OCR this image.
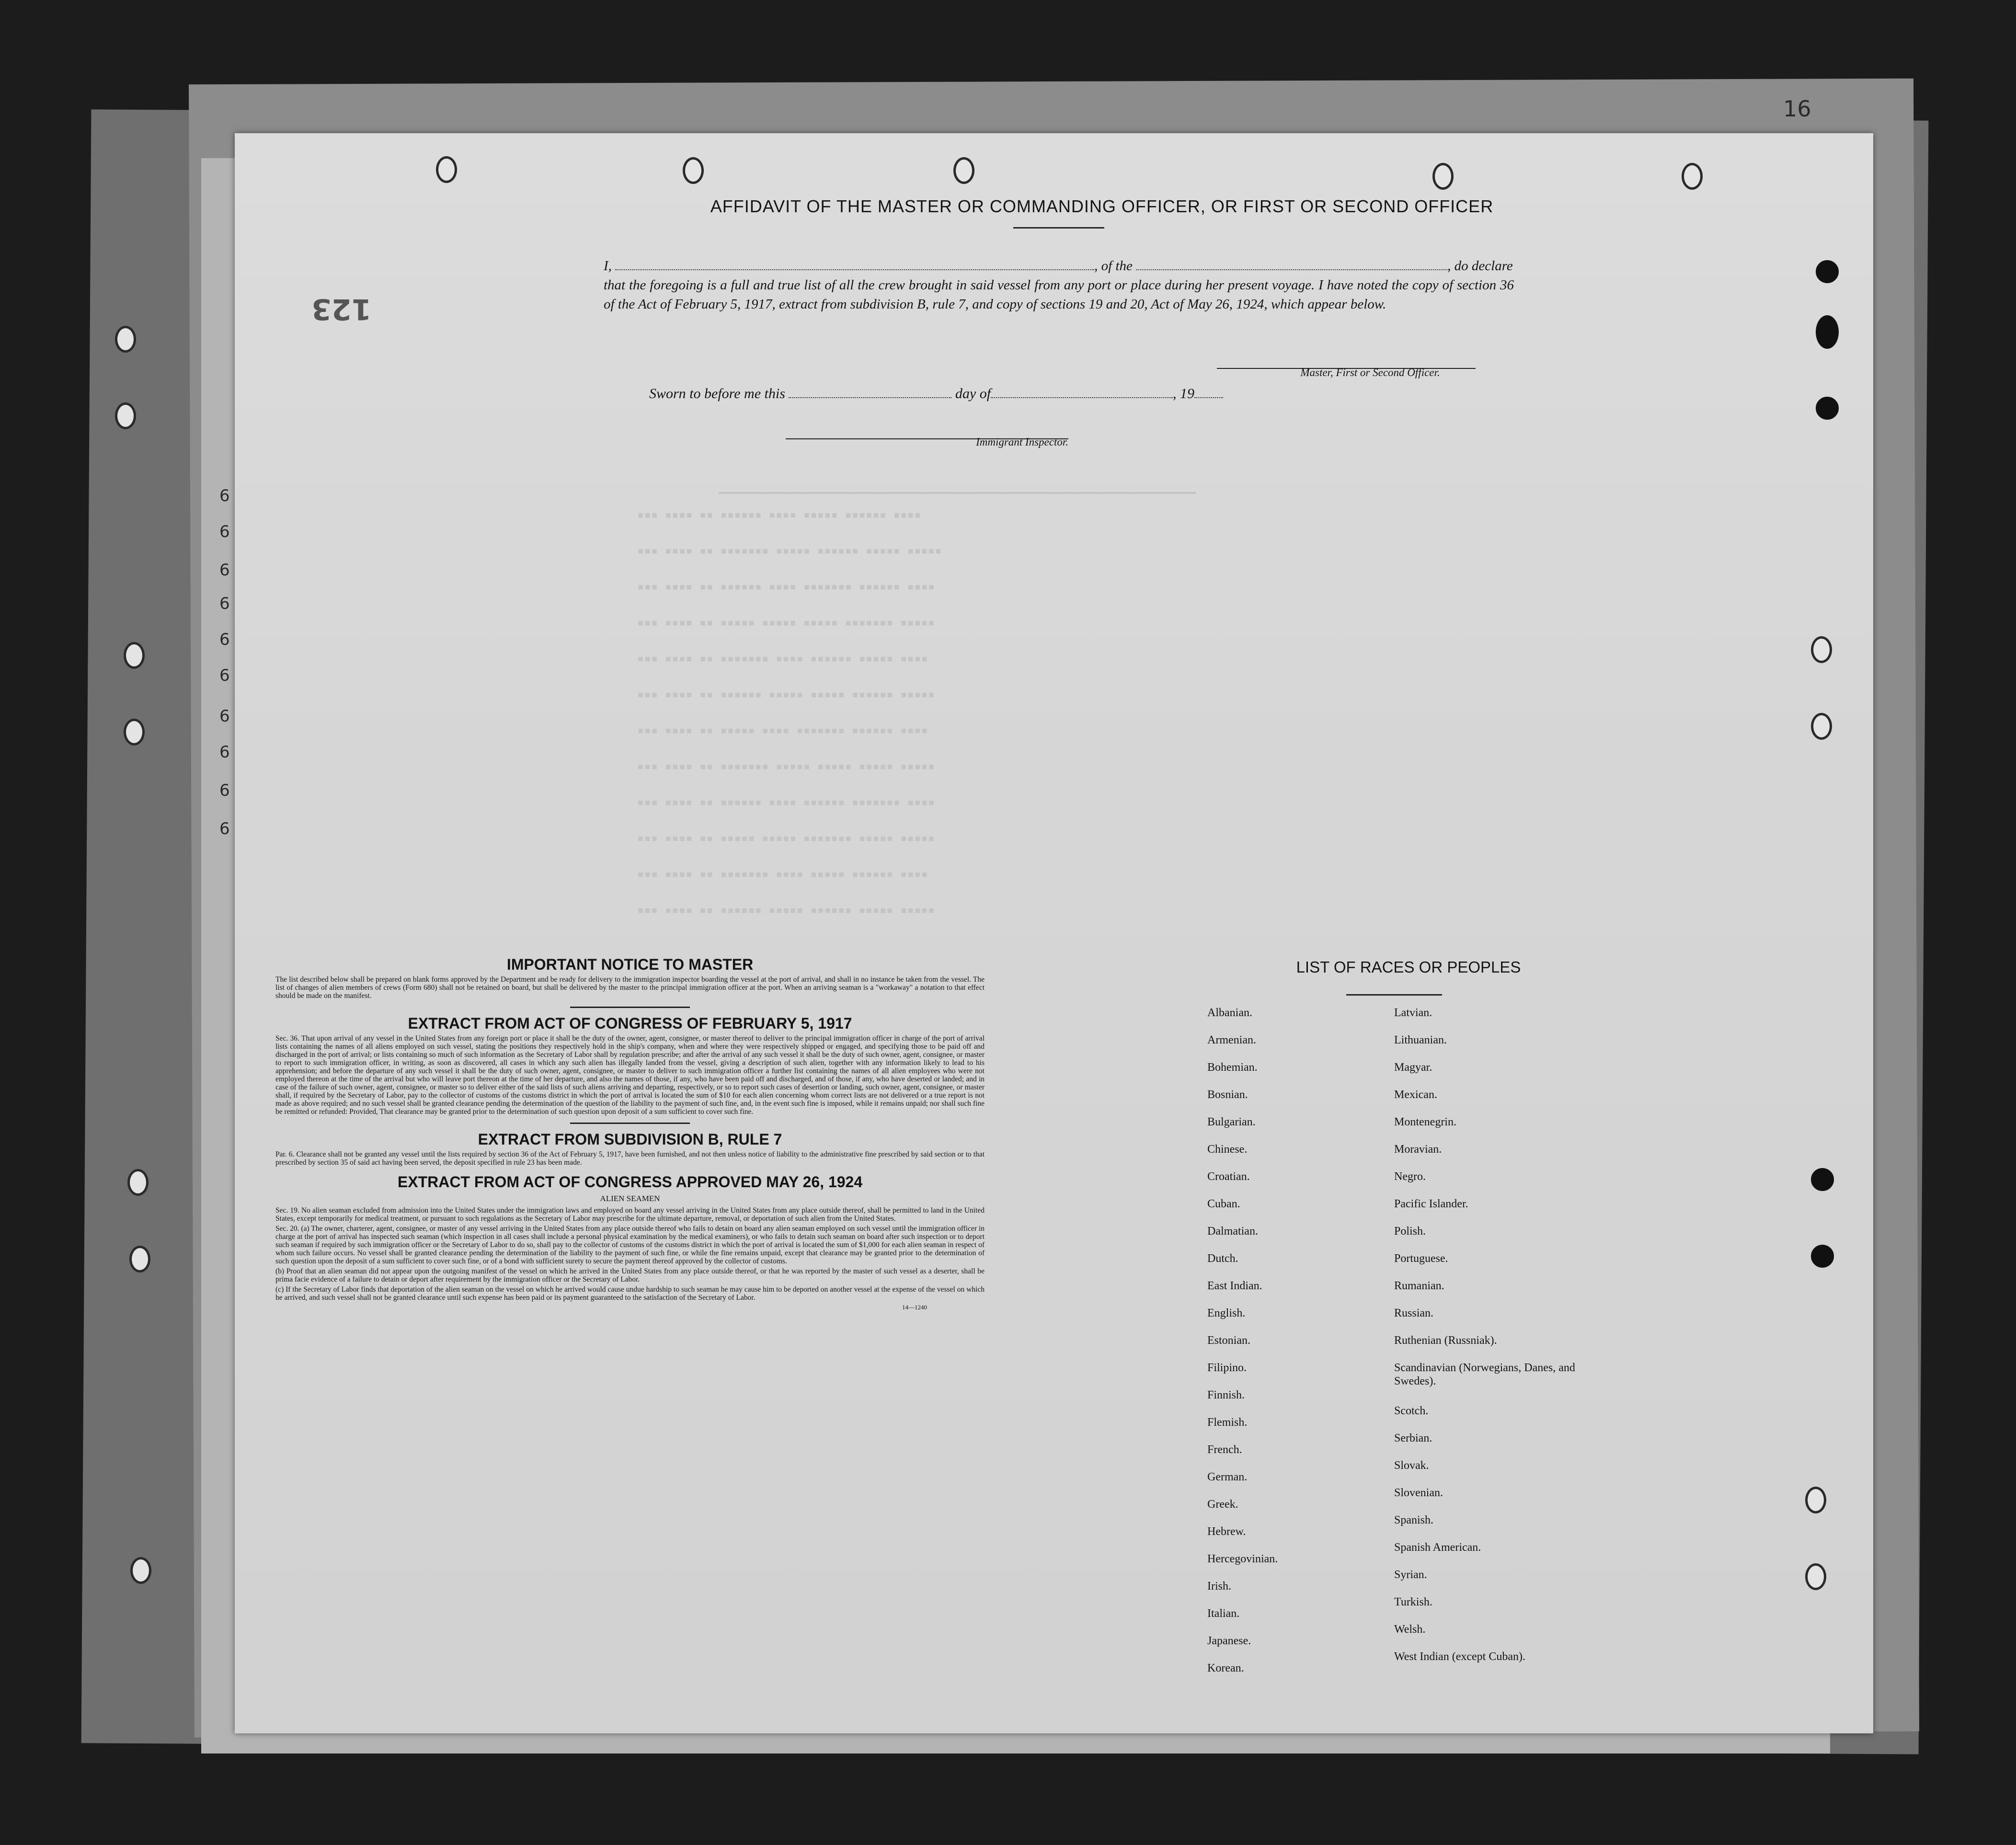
16
6
6
6
6
6
6
6
6
6
6
123
AFFIDAVIT OF THE MASTER OR COMMANDING OFFICER, OR FIRST OR SECOND OFFICER
I,	, of the	, do declare
that the foregoing is a full and true list of all the crew brought in said vessel from any port or place during her present voyage. I have noted the copy of section 36 of the Act of February 5, 1917, extract from subdivision B, rule 7, and copy of sections 19 and 20, Act of May 26, 1924, which appear below.
Master, First or Second Officer.
Sworn to before me this	day of	, 19
Immigrant Inspector.
━━━━━━━━━━━━━━━━━━━━━━━━━━━━━━━━━━━━━━━━━━━━━━━━━━━━━━━━━━━━━━━━━━━━━
▪▪▪ ▪▪▪▪ ▪▪ ▪▪▪▪▪▪ ▪▪▪▪ ▪▪▪▪▪ ▪▪▪▪▪▪ ▪▪▪▪
▪▪▪ ▪▪▪▪ ▪▪ ▪▪▪▪▪▪▪ ▪▪▪▪▪ ▪▪▪▪▪▪ ▪▪▪▪▪ ▪▪▪▪▪
▪▪▪ ▪▪▪▪ ▪▪ ▪▪▪▪▪▪ ▪▪▪▪ ▪▪▪▪▪▪▪ ▪▪▪▪▪▪ ▪▪▪▪
▪▪▪ ▪▪▪▪ ▪▪ ▪▪▪▪▪ ▪▪▪▪▪ ▪▪▪▪▪ ▪▪▪▪▪▪▪ ▪▪▪▪▪
▪▪▪ ▪▪▪▪ ▪▪ ▪▪▪▪▪▪▪ ▪▪▪▪ ▪▪▪▪▪▪ ▪▪▪▪▪ ▪▪▪▪
▪▪▪ ▪▪▪▪ ▪▪ ▪▪▪▪▪▪ ▪▪▪▪▪ ▪▪▪▪▪ ▪▪▪▪▪▪ ▪▪▪▪▪
▪▪▪ ▪▪▪▪ ▪▪ ▪▪▪▪▪ ▪▪▪▪ ▪▪▪▪▪▪▪ ▪▪▪▪▪▪ ▪▪▪▪
▪▪▪ ▪▪▪▪ ▪▪ ▪▪▪▪▪▪▪ ▪▪▪▪▪ ▪▪▪▪▪ ▪▪▪▪▪ ▪▪▪▪▪
▪▪▪ ▪▪▪▪ ▪▪ ▪▪▪▪▪▪ ▪▪▪▪ ▪▪▪▪▪▪ ▪▪▪▪▪▪▪ ▪▪▪▪
▪▪▪ ▪▪▪▪ ▪▪ ▪▪▪▪▪ ▪▪▪▪▪ ▪▪▪▪▪▪▪ ▪▪▪▪▪ ▪▪▪▪▪
▪▪▪ ▪▪▪▪ ▪▪ ▪▪▪▪▪▪▪ ▪▪▪▪ ▪▪▪▪▪ ▪▪▪▪▪▪ ▪▪▪▪
▪▪▪ ▪▪▪▪ ▪▪ ▪▪▪▪▪▪ ▪▪▪▪▪ ▪▪▪▪▪▪ ▪▪▪▪▪ ▪▪▪▪▪
IMPORTANT NOTICE TO MASTER

The list described below shall be prepared on blank forms approved by the Department and be ready for delivery to the immigration inspector boarding the vessel at the port of arrival, and shall in no instance be taken from the vessel. The list of changes of alien members of crews (Form 680) shall not be retained on board, but shall be delivered by the master to the principal immigration officer at the port. When an arriving seaman is a "workaway" a notation to that effect should be made on the manifest.

EXTRACT FROM ACT OF CONGRESS OF FEBRUARY 5, 1917

Sec. 36. That upon arrival of any vessel in the United States from any foreign port or place it shall be the duty of the owner, agent, consignee, or master thereof to deliver to the principal immigration officer in charge of the port of arrival lists containing the names of all aliens employed on such vessel, stating the positions they respectively hold in the ship's company, when and where they were respectively shipped or engaged, and specifying those to be paid off and discharged in the port of arrival; or lists containing so much of such information as the Secretary of Labor shall by regulation prescribe; and after the arrival of any such vessel it shall be the duty of such owner, agent, consignee, or master to report to such immigration officer, in writing, as soon as discovered, all cases in which any such alien has illegally landed from the vessel, giving a description of such alien, together with any information likely to lead to his apprehension; and before the departure of any such vessel it shall be the duty of such owner, agent, consignee, or master to deliver to such immigration officer a further list containing the names of all alien employees who were not employed thereon at the time of the arrival but who will leave port thereon at the time of her departure, and also the names of those, if any, who have been paid off and discharged, and of those, if any, who have deserted or landed; and in case of the failure of such owner, agent, consignee, or master so to deliver either of the said lists of such aliens arriving and departing, respectively, or so to report such cases of desertion or landing, such owner, agent, consignee, or master shall, if required by the Secretary of Labor, pay to the collector of customs of the customs district in which the port of arrival is located the sum of $10 for each alien concerning whom correct lists are not delivered or a true report is not made as above required; and no such vessel shall be granted clearance pending the determination of the question of the liability to the payment of such fine, and, in the event such fine is imposed, while it remains unpaid; nor shall such fine be remitted or refunded: Provided, That clearance may be granted prior to the determination of such question upon deposit of a sum sufficient to cover such fine.

EXTRACT FROM SUBDIVISION B, RULE 7

Par. 6. Clearance shall not be granted any vessel until the lists required by section 36 of the Act of February 5, 1917, have been furnished, and not then unless notice of liability to the administrative fine prescribed by said section or to that prescribed by section 35 of said act having been served, the deposit specified in rule 23 has been made.

EXTRACT FROM ACT OF CONGRESS APPROVED MAY 26, 1924
ALIEN SEAMEN

Sec. 19. No alien seaman excluded from admission into the United States under the immigration laws and employed on board any vessel arriving in the United States from any place outside thereof, shall be permitted to land in the United States, except temporarily for medical treatment, or pursuant to such regulations as the Secretary of Labor may prescribe for the ultimate departure, removal, or deportation of such alien from the United States.

Sec. 20. (a) The owner, charterer, agent, consignee, or master of any vessel arriving in the United States from any place outside thereof who fails to detain on board any alien seaman employed on such vessel until the immigration officer in charge at the port of arrival has inspected such seaman (which inspection in all cases shall include a personal physical examination by the medical examiners), or who fails to detain such seaman on board after such inspection or to deport such seaman if required by such immigration officer or the Secretary of Labor to do so, shall pay to the collector of customs of the customs district in which the port of arrival is located the sum of $1,000 for each alien seaman in respect of whom such failure occurs. No vessel shall be granted clearance pending the determination of the liability to the payment of such fine, or while the fine remains unpaid, except that clearance may be granted prior to the determination of such question upon the deposit of a sum sufficient to cover such fine, or of a bond with sufficient surety to secure the payment thereof approved by the collector of customs.

(b) Proof that an alien seaman did not appear upon the outgoing manifest of the vessel on which he arrived in the United States from any place outside thereof, or that he was reported by the master of such vessel as a deserter, shall be prima facie evidence of a failure to detain or deport after requirement by the immigration officer or the Secretary of Labor.

(c) If the Secretary of Labor finds that deportation of the alien seaman on the vessel on which he arrived would cause undue hardship to such seaman he may cause him to be deported on another vessel at the expense of the vessel on which he arrived, and such vessel shall not be granted clearance until such expense has been paid or its payment guaranteed to the satisfaction of the Secretary of Labor.

14—1240
LIST OF RACES OR PEOPLES
Albanian.
Armenian.
Bohemian.
Bosnian.
Bulgarian.
Chinese.
Croatian.
Cuban.
Dalmatian.
Dutch.
East Indian.
English.
Estonian.
Filipino.
Finnish.
Flemish.
French.
German.
Greek.
Hebrew.
Hercegovinian.
Irish.
Italian.
Japanese.
Korean.
Latvian.
Lithuanian.
Magyar.
Mexican.
Montenegrin.
Moravian.
Negro.
Pacific Islander.
Polish.
Portuguese.
Rumanian.
Russian.
Ruthenian (Russniak).
Scandinavian (Norwegians, Danes, and Swedes).
Scotch.
Serbian.
Slovak.
Slovenian.
Spanish.
Spanish American.
Syrian.
Turkish.
Welsh.
West Indian (except Cuban).
